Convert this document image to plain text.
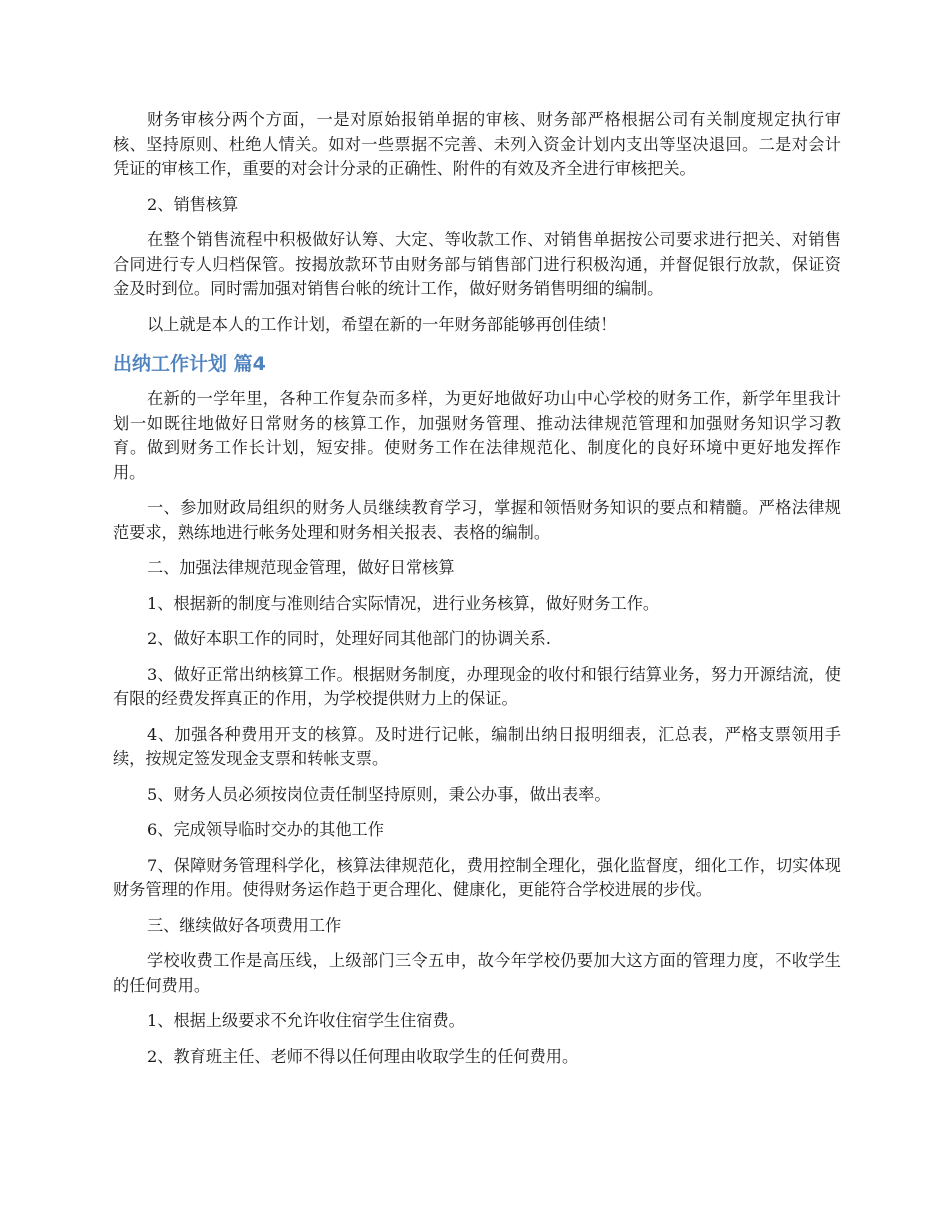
财务审核分两个方面，一是对原始报销单据的审核、财务部严格根据公司有关制度规定执行审核、坚持原则、杜绝人情关。如对一些票据不完善、未列入资金计划内支出等坚决退回。二是对会计凭证的审核工作，重要的对会计分录的正确性、附件的有效及齐全进行审核把关。

2、销售核算

在整个销售流程中积极做好认筹、大定、等收款工作、对销售单据按公司要求进行把关、对销售合同进行专人归档保管。按揭放款环节由财务部与销售部门进行积极沟通，并督促银行放款，保证资金及时到位。同时需加强对销售台帐的统计工作，做好财务销售明细的编制。

以上就是本人的工作计划，希望在新的一年财务部能够再创佳绩！

出纳工作计划 篇4

在新的一学年里，各种工作复杂而多样，为更好地做好功山中心学校的财务工作，新学年里我计划一如既往地做好日常财务的核算工作，加强财务管理、推动法律规范管理和加强财务知识学习教育。做到财务工作长计划，短安排。使财务工作在法律规范化、制度化的良好环境中更好地发挥作用。

一、参加财政局组织的财务人员继续教育学习，掌握和领悟财务知识的要点和精髓。严格法律规范要求，熟练地进行帐务处理和财务相关报表、表格的编制。

二、加强法律规范现金管理，做好日常核算

1、根据新的制度与准则结合实际情况，进行业务核算，做好财务工作。

2、做好本职工作的同时，处理好同其他部门的协调关系.

3、做好正常出纳核算工作。根据财务制度，办理现金的收付和银行结算业务，努力开源结流，使有限的经费发挥真正的作用，为学校提供财力上的保证。

4、加强各种费用开支的核算。及时进行记帐，编制出纳日报明细表，汇总表，严格支票领用手续，按规定签发现金支票和转帐支票。

5、财务人员必须按岗位责任制坚持原则，秉公办事，做出表率。

6、完成领导临时交办的其他工作

7、保障财务管理科学化，核算法律规范化，费用控制全理化，强化监督度，细化工作，切实体现财务管理的作用。使得财务运作趋于更合理化、健康化，更能符合学校进展的步伐。

三、继续做好各项费用工作

学校收费工作是高压线，上级部门三令五申，故今年学校仍要加大这方面的管理力度，不收学生的任何费用。

1、根据上级要求不允许收住宿学生住宿费。

2、教育班主任、老师不得以任何理由收取学生的任何费用。
